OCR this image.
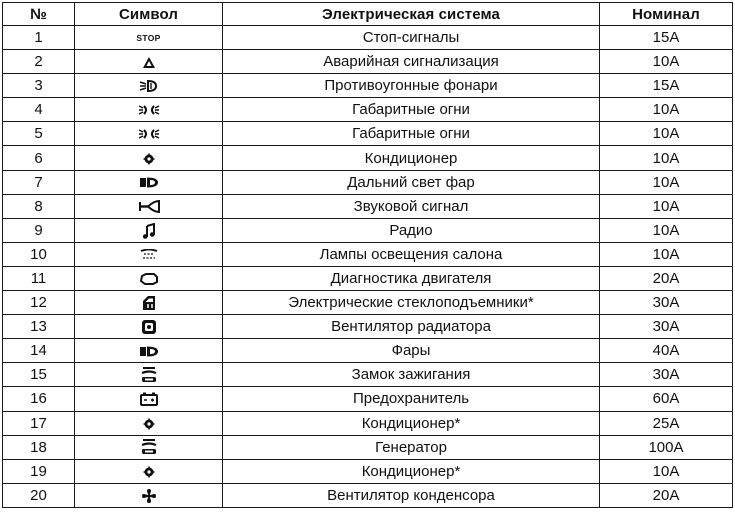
№	Символ	Электрическая система	Номинал
1	STOP	Стоп-сигналы	15A
2		Аварийная сигнализация	10A
3		Противоугонные фонари	15A
4		Габаритные огни	10A
5		Габаритные огни	10A
6		Кондиционер	10A
7		Дальний свет фар	10A
8		Звуковой сигнал	10A
9		Радио	10A
10		Лампы освещения салона	10A
11		Диагностика двигателя	20A
12		Электрическиe стеклоподъемники*	30A
13		Вентилятор радиатора	30A
14		Фары	40A
15		Замок зажигания	30A
16		Предохранитель	60A
17		Кондиционер*	25A
18		Генератор	100A
19		Кондиционер*	10A
20		Вентилятор конденсора	20A
